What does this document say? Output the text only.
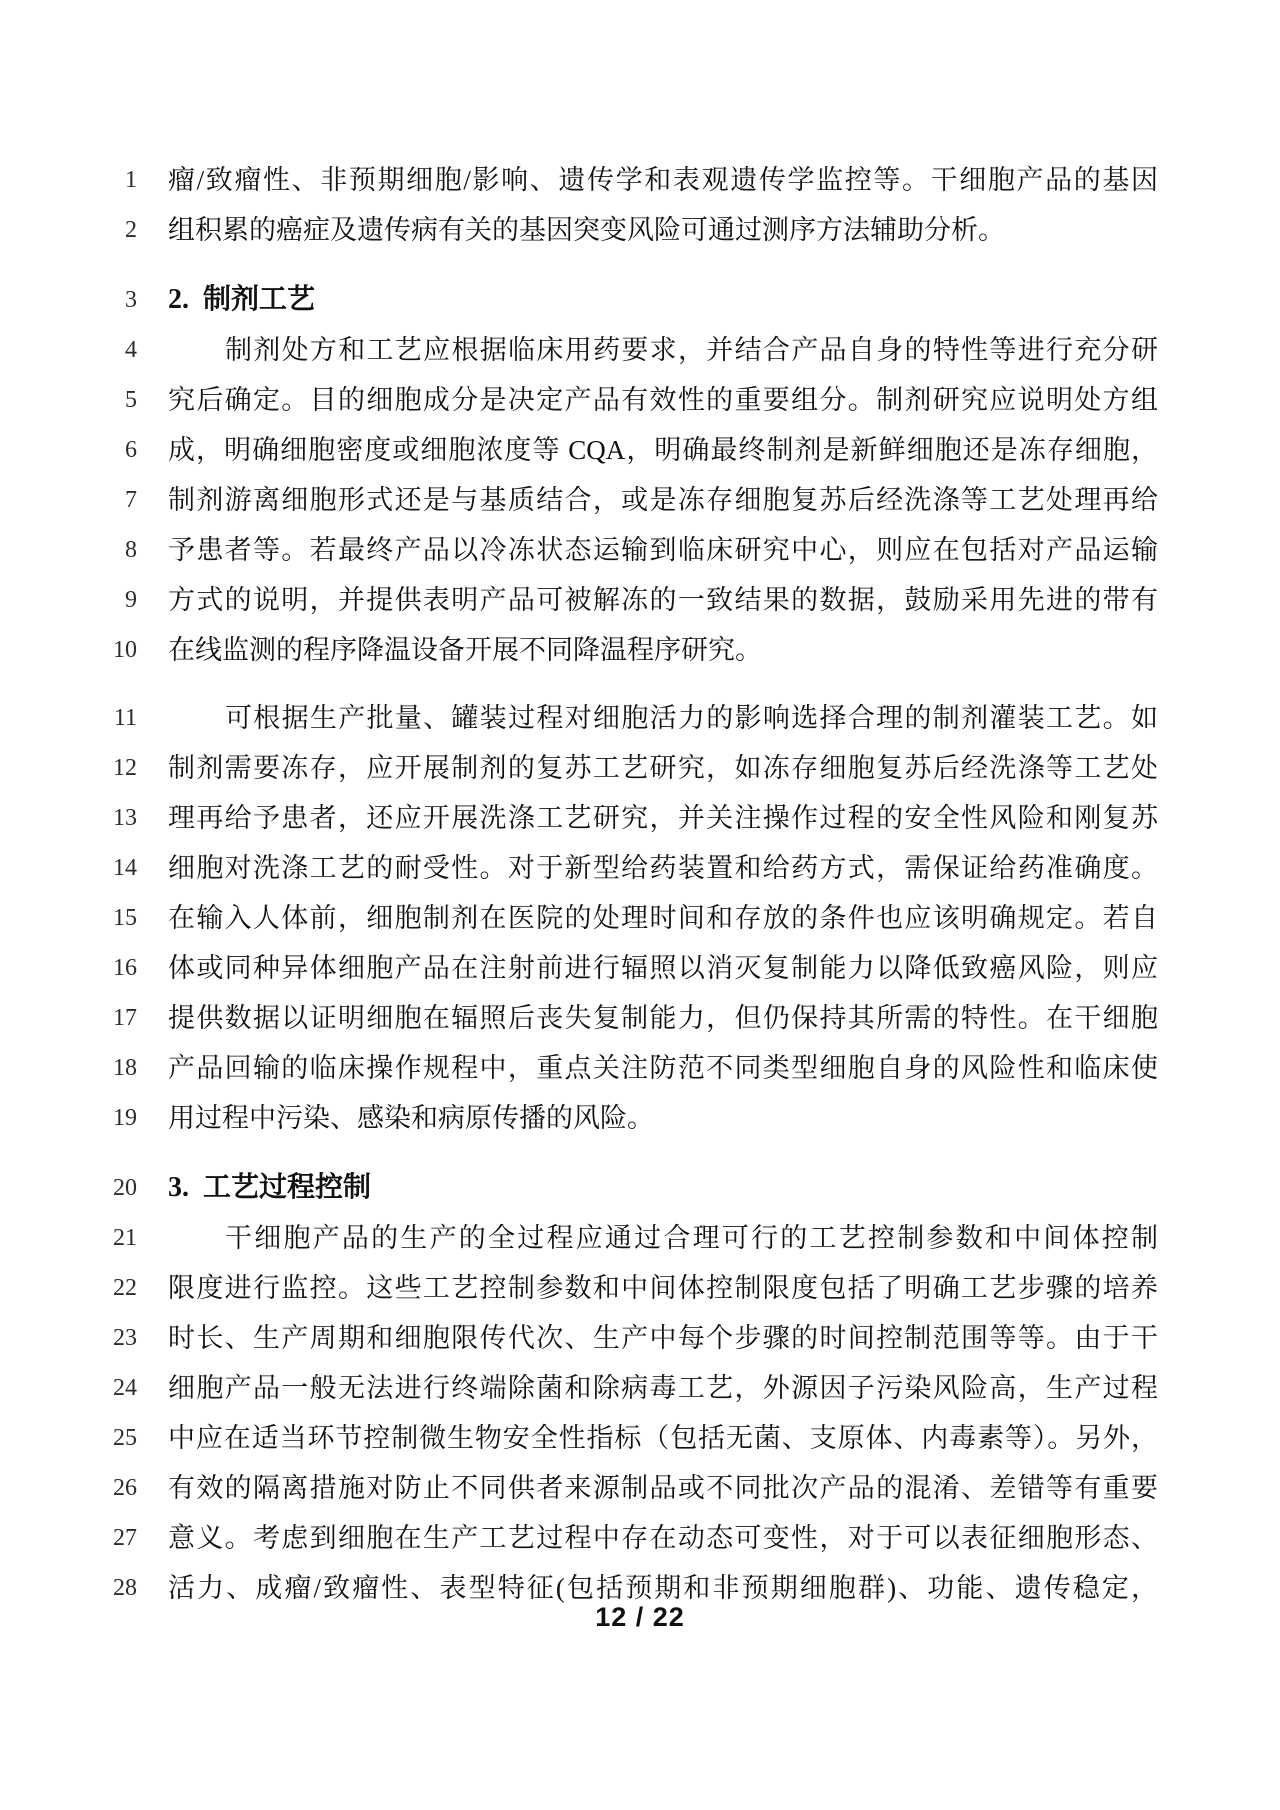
1 瘤/致瘤性、非预期细胞/影响、遗传学和表观遗传学监控等。干细胞产品的基因
2 组积累的癌症及遗传病有关的基因突变风险可通过测序方法辅助分析。
3 2.  制剂工艺
4	制剂处方和工艺应根据临床用药要求，并结合产品自身的特性等进行充分研
5 究后确定。目的细胞成分是决定产品有效性的重要组分。制剂研究应说明处方组
6 成，明确细胞密度或细胞浓度等 CQA，明确最终制剂是新鲜细胞还是冻存细胞，
7 制剂游离细胞形式还是与基质结合，或是冻存细胞复苏后经洗涤等工艺处理再给
8 予患者等。若最终产品以冷冻状态运输到临床研究中心，则应在包括对产品运输
9 方式的说明，并提供表明产品可被解冻的一致结果的数据，鼓励采用先进的带有
10 在线监测的程序降温设备开展不同降温程序研究。
11	可根据生产批量、罐装过程对细胞活力的影响选择合理的制剂灌装工艺。如
12 制剂需要冻存，应开展制剂的复苏工艺研究，如冻存细胞复苏后经洗涤等工艺处
13 理再给予患者，还应开展洗涤工艺研究，并关注操作过程的安全性风险和刚复苏
14 细胞对洗涤工艺的耐受性。对于新型给药装置和给药方式，需保证给药准确度。
15 在输入人体前，细胞制剂在医院的处理时间和存放的条件也应该明确规定。若自
16 体或同种异体细胞产品在注射前进行辐照以消灭复制能力以降低致癌风险，则应
17 提供数据以证明细胞在辐照后丧失复制能力，但仍保持其所需的特性。在干细胞
18 产品回输的临床操作规程中，重点关注防范不同类型细胞自身的风险性和临床使
19 用过程中污染、感染和病原传播的风险。
20 3.  工艺过程控制
21	干细胞产品的生产的全过程应通过合理可行的工艺控制参数和中间体控制
22 限度进行监控。这些工艺控制参数和中间体控制限度包括了明确工艺步骤的培养
23 时长、生产周期和细胞限传代次、生产中每个步骤的时间控制范围等等。由于干
24 细胞产品一般无法进行终端除菌和除病毒工艺，外源因子污染风险高，生产过程
25 中应在适当环节控制微生物安全性指标（包括无菌、支原体、内毒素等）。另外，
26 有效的隔离措施对防止不同供者来源制品或不同批次产品的混淆、差错等有重要
27 意义。考虑到细胞在生产工艺过程中存在动态可变性，对于可以表征细胞形态、
28 活力、成瘤/致瘤性、表型特征(包括预期和非预期细胞群)、功能、遗传稳定，
12 / 22
